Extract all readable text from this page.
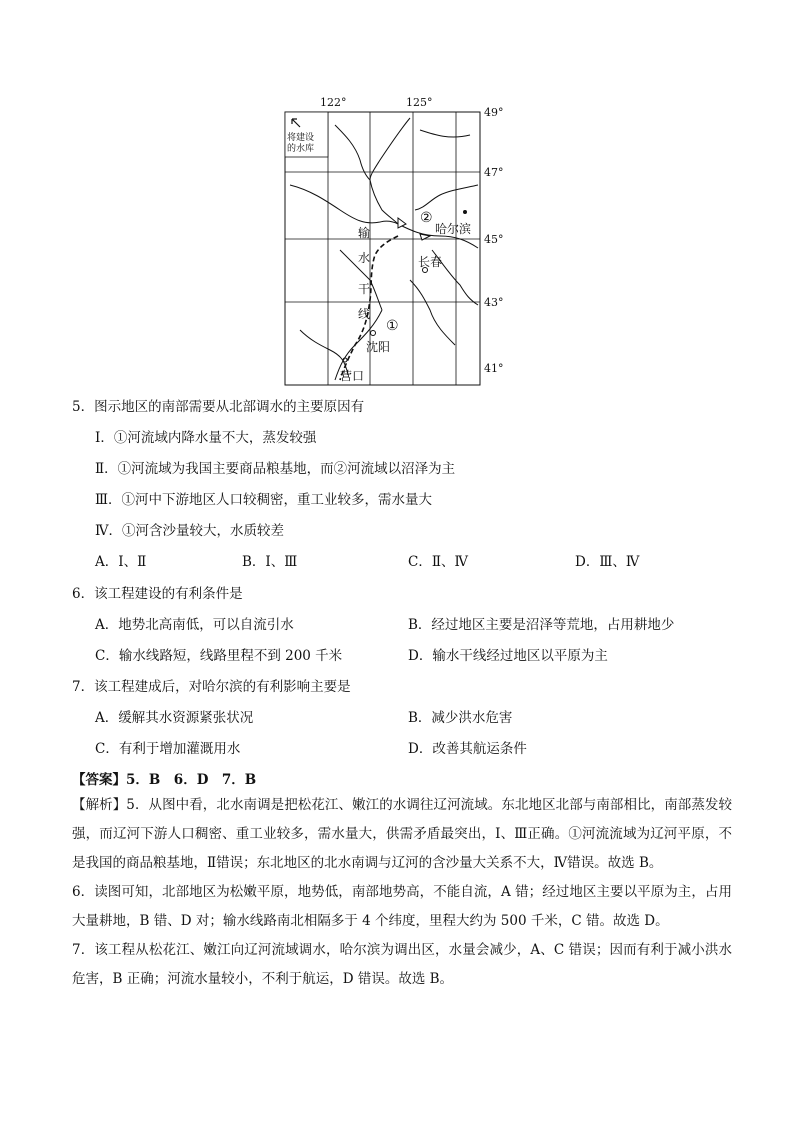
122°	125°
49°
47°
45°
43°
41°
将建设
的水库
②
①
哈尔滨
长春
沈阳
营口
输
水
干
线
5．图示地区的南部需要从北部调水的主要原因有
Ⅰ．①河流域内降水量不大，蒸发较强
Ⅱ．①河流域为我国主要商品粮基地，而②河流域以沼泽为主
Ⅲ．①河中下游地区人口较稠密，重工业较多，需水量大
Ⅳ．①河含沙量较大，水质较差
A．Ⅰ、Ⅱ	B．Ⅰ、Ⅲ	C．Ⅱ、Ⅳ	D．Ⅲ、Ⅳ
6．该工程建设的有利条件是
A．地势北高南低，可以自流引水	B．经过地区主要是沼泽等荒地，占用耕地少
C．输水线路短，线路里程不到 200 千米	D．输水干线经过地区以平原为主
7．该工程建成后，对哈尔滨的有利影响主要是
A．缓解其水资源紧张状况	B．减少洪水危害
C．有利于增加灌溉用水	D．改善其航运条件
【答案】5．B　6．D　7．B
【解析】5．从图中看，北水南调是把松花江、嫩江的水调往辽河流域。东北地区北部与南部相比，南部蒸发较强，而辽河下游人口稠密、重工业较多，需水量大，供需矛盾最突出，Ⅰ、Ⅲ正确。①河流流域为辽河平原，不是我国的商品粮基地，Ⅱ错误；东北地区的北水南调与辽河的含沙量大关系不大，Ⅳ错误。故选 B。
6．读图可知，北部地区为松嫩平原，地势低，南部地势高，不能自流，A 错；经过地区主要以平原为主，占用大量耕地，B 错、D 对；输水线路南北相隔多于 4 个纬度，里程大约为 500 千米，C 错。故选 D。
7．该工程从松花江、嫩江向辽河流域调水，哈尔滨为调出区，水量会减少，A、C 错误；因而有利于减小洪水危害，B 正确；河流水量较小，不利于航运，D 错误。故选 B。
